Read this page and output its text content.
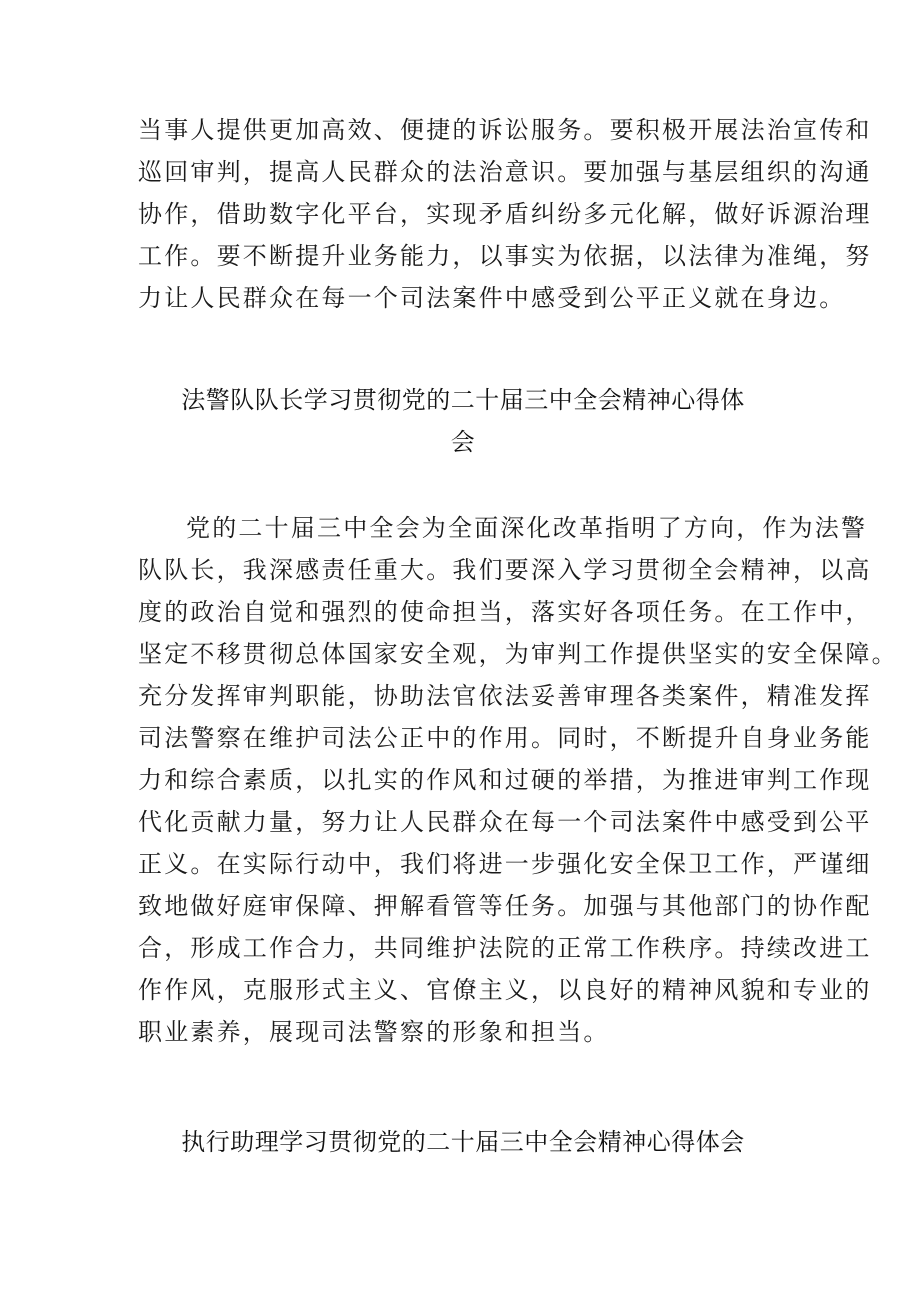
当事人提供更加高效、便捷的诉讼服务。要积极开展法治宣传和
巡回审判，提高人民群众的法治意识。要加强与基层组织的沟通
协作，借助数字化平台，实现矛盾纠纷多元化解，做好诉源治理
工作。要不断提升业务能力，以事实为依据，以法律为准绳，努
力让人民群众在每一个司法案件中感受到公平正义就在身边。
法警队队长学习贯彻党的二十届三中全会精神心得体
会
党的二十届三中全会为全面深化改革指明了方向，作为法警
队队长，我深感责任重大。我们要深入学习贯彻全会精神，以高
度的政治自觉和强烈的使命担当，落实好各项任务。在工作中，
坚定不移贯彻总体国家安全观，为审判工作提供坚实的安全保障。
充分发挥审判职能，协助法官依法妥善审理各类案件，精准发挥
司法警察在维护司法公正中的作用。同时，不断提升自身业务能
力和综合素质，以扎实的作风和过硬的举措，为推进审判工作现
代化贡献力量，努力让人民群众在每一个司法案件中感受到公平
正义。在实际行动中，我们将进一步强化安全保卫工作，严谨细
致地做好庭审保障、押解看管等任务。加强与其他部门的协作配
合，形成工作合力，共同维护法院的正常工作秩序。持续改进工
作作风，克服形式主义、官僚主义，以良好的精神风貌和专业的
职业素养，展现司法警察的形象和担当。
执行助理学习贯彻党的二十届三中全会精神心得体会
